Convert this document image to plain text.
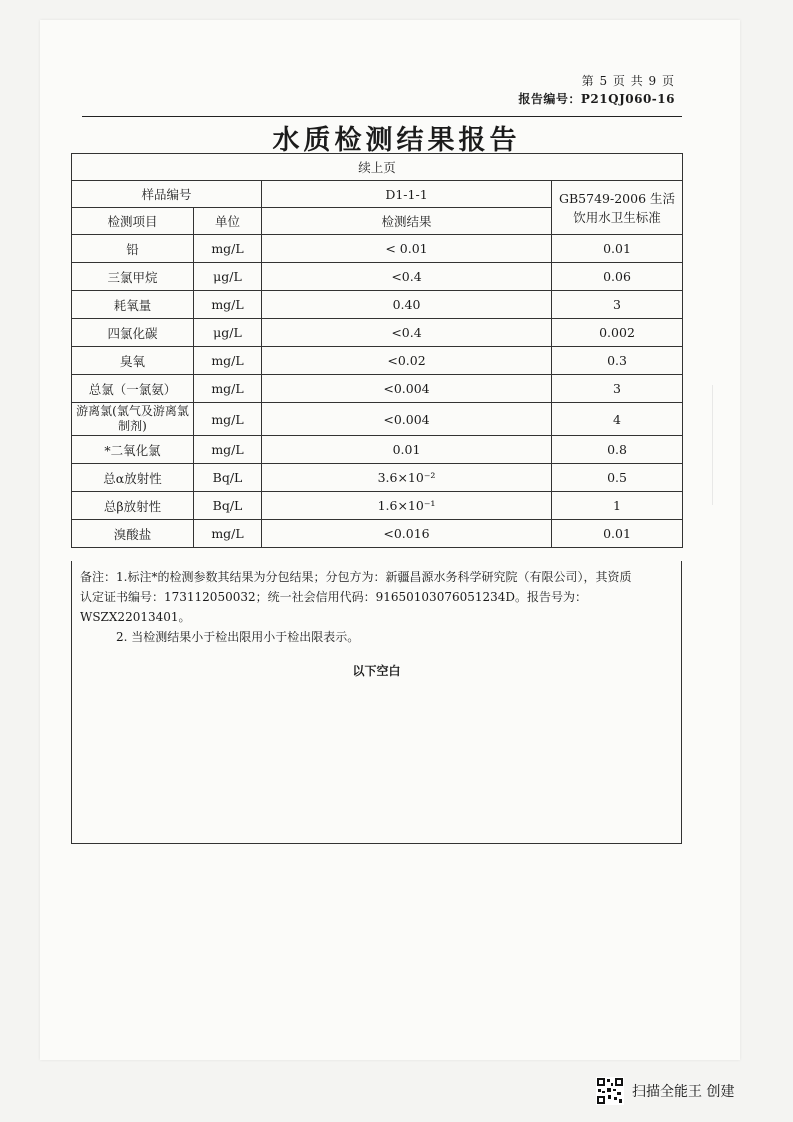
第 5 页 共 9 页
报告编号：P21QJ060-16
水质检测结果报告
续上页			
样品编号		D1-1-1	GB5749-2006 生活饮用水卫生标准
检测项目	单位	检测结果	
铅	mg/L	< 0.01	0.01
三氯甲烷	μg/L	<0.4	0.06
耗氧量	mg/L	0.40	3
四氯化碳	μg/L	<0.4	0.002
臭氧	mg/L	<0.02	0.3
总氯（一氯氨）	mg/L	<0.004	3
游离氯(氯气及游离氯制剂)	mg/L	<0.004	4
*二氧化氯	mg/L	0.01	0.8
总α放射性	Bq/L	3.6×10⁻²	0.5
总β放射性	Bq/L	1.6×10⁻¹	1
溴酸盐	mg/L	<0.016	0.01
备注：1.标注*的检测参数其结果为分包结果；分包方为：新疆昌源水务科学研究院（有限公司），其资质
认定证书编号：173112050032；统一社会信用代码：91650103076051234D。报告号为：WSZX22013401。
2. 当检测结果小于检出限用小于检出限表示。
以下空白
扫描全能王 创建
